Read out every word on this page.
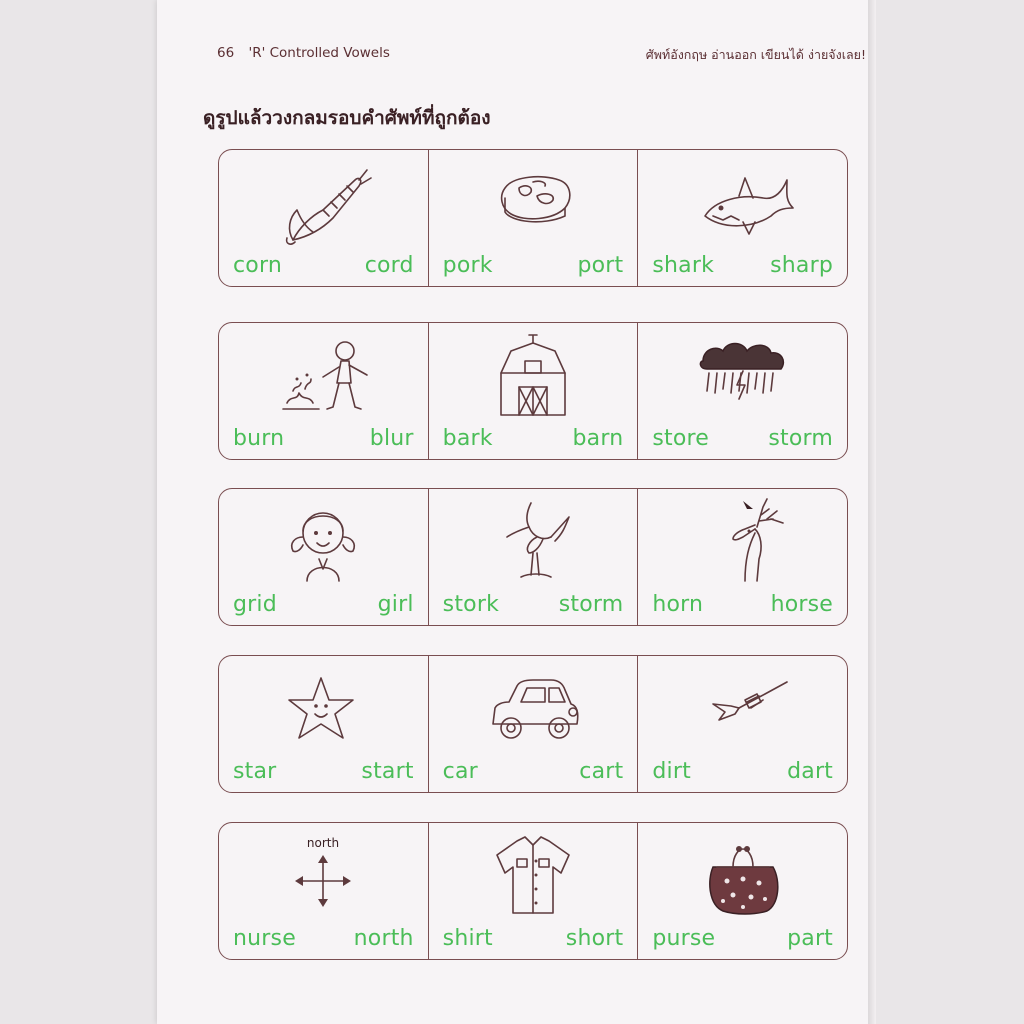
66 'R' Controlled Vowels	ศัพท์อังกฤษ อ่านออก เขียนได้ ง่ายจังเลย!
ดูรูปแล้ววงกลมรอบคำศัพท์ที่ถูกต้อง
corn	cord pork	port shark	sharp
burn	blur bark	barn store	storm
grid	girl stork	storm horn	horse
star	start car	cart dirt	dart
north
nurse	north shirt	short purse	part
